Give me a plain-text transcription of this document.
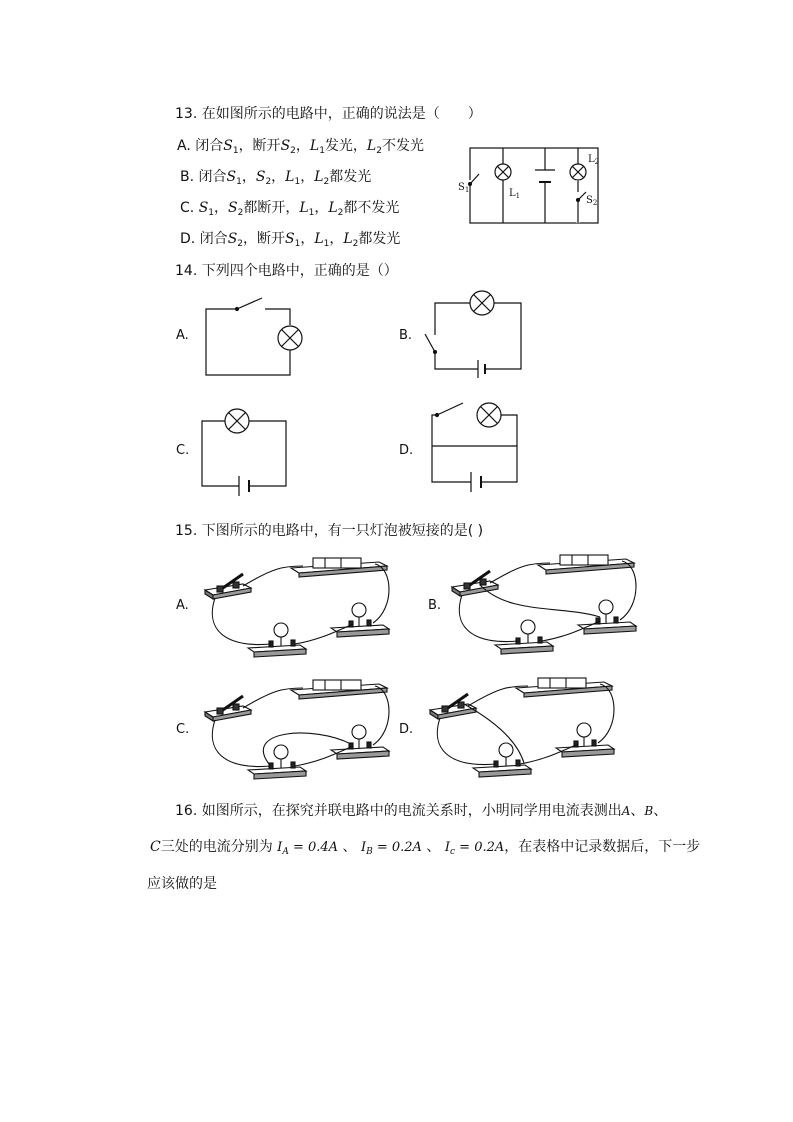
13. 在如图所示的电路中，正确的说法是（　　）
A. 闭合$S_1$，断开$S_2$，$L_1$发光，$L_2$不发光
B. 闭合$S_1$，$S_2$，$L_1$，$L_2$都发光
C. $S_1$，$S_2$都断开，$L_1$，$L_2$都不发光
D. 闭合$S_2$，断开$S_1$，$L_1$，$L_2$都发光
$S_1$	$L_1$
$L_2$
$S_2$
14. 下列四个电路中，正确的是（）
A.	B.
C.	D.
15. 下图所示的电路中，有一只灯泡被短接的是( )
A.	B.
C.	D.
16. 如图所示，在探究并联电路中的电流关系时，小明同学用电流表测出A、B、
C三处的电流分别为 $I_A = 0.4A$ 、 $I_B = 0.2A$ 、 $I_c = 0.2A$，在表格中记录数据后，下一步
应该做的是
